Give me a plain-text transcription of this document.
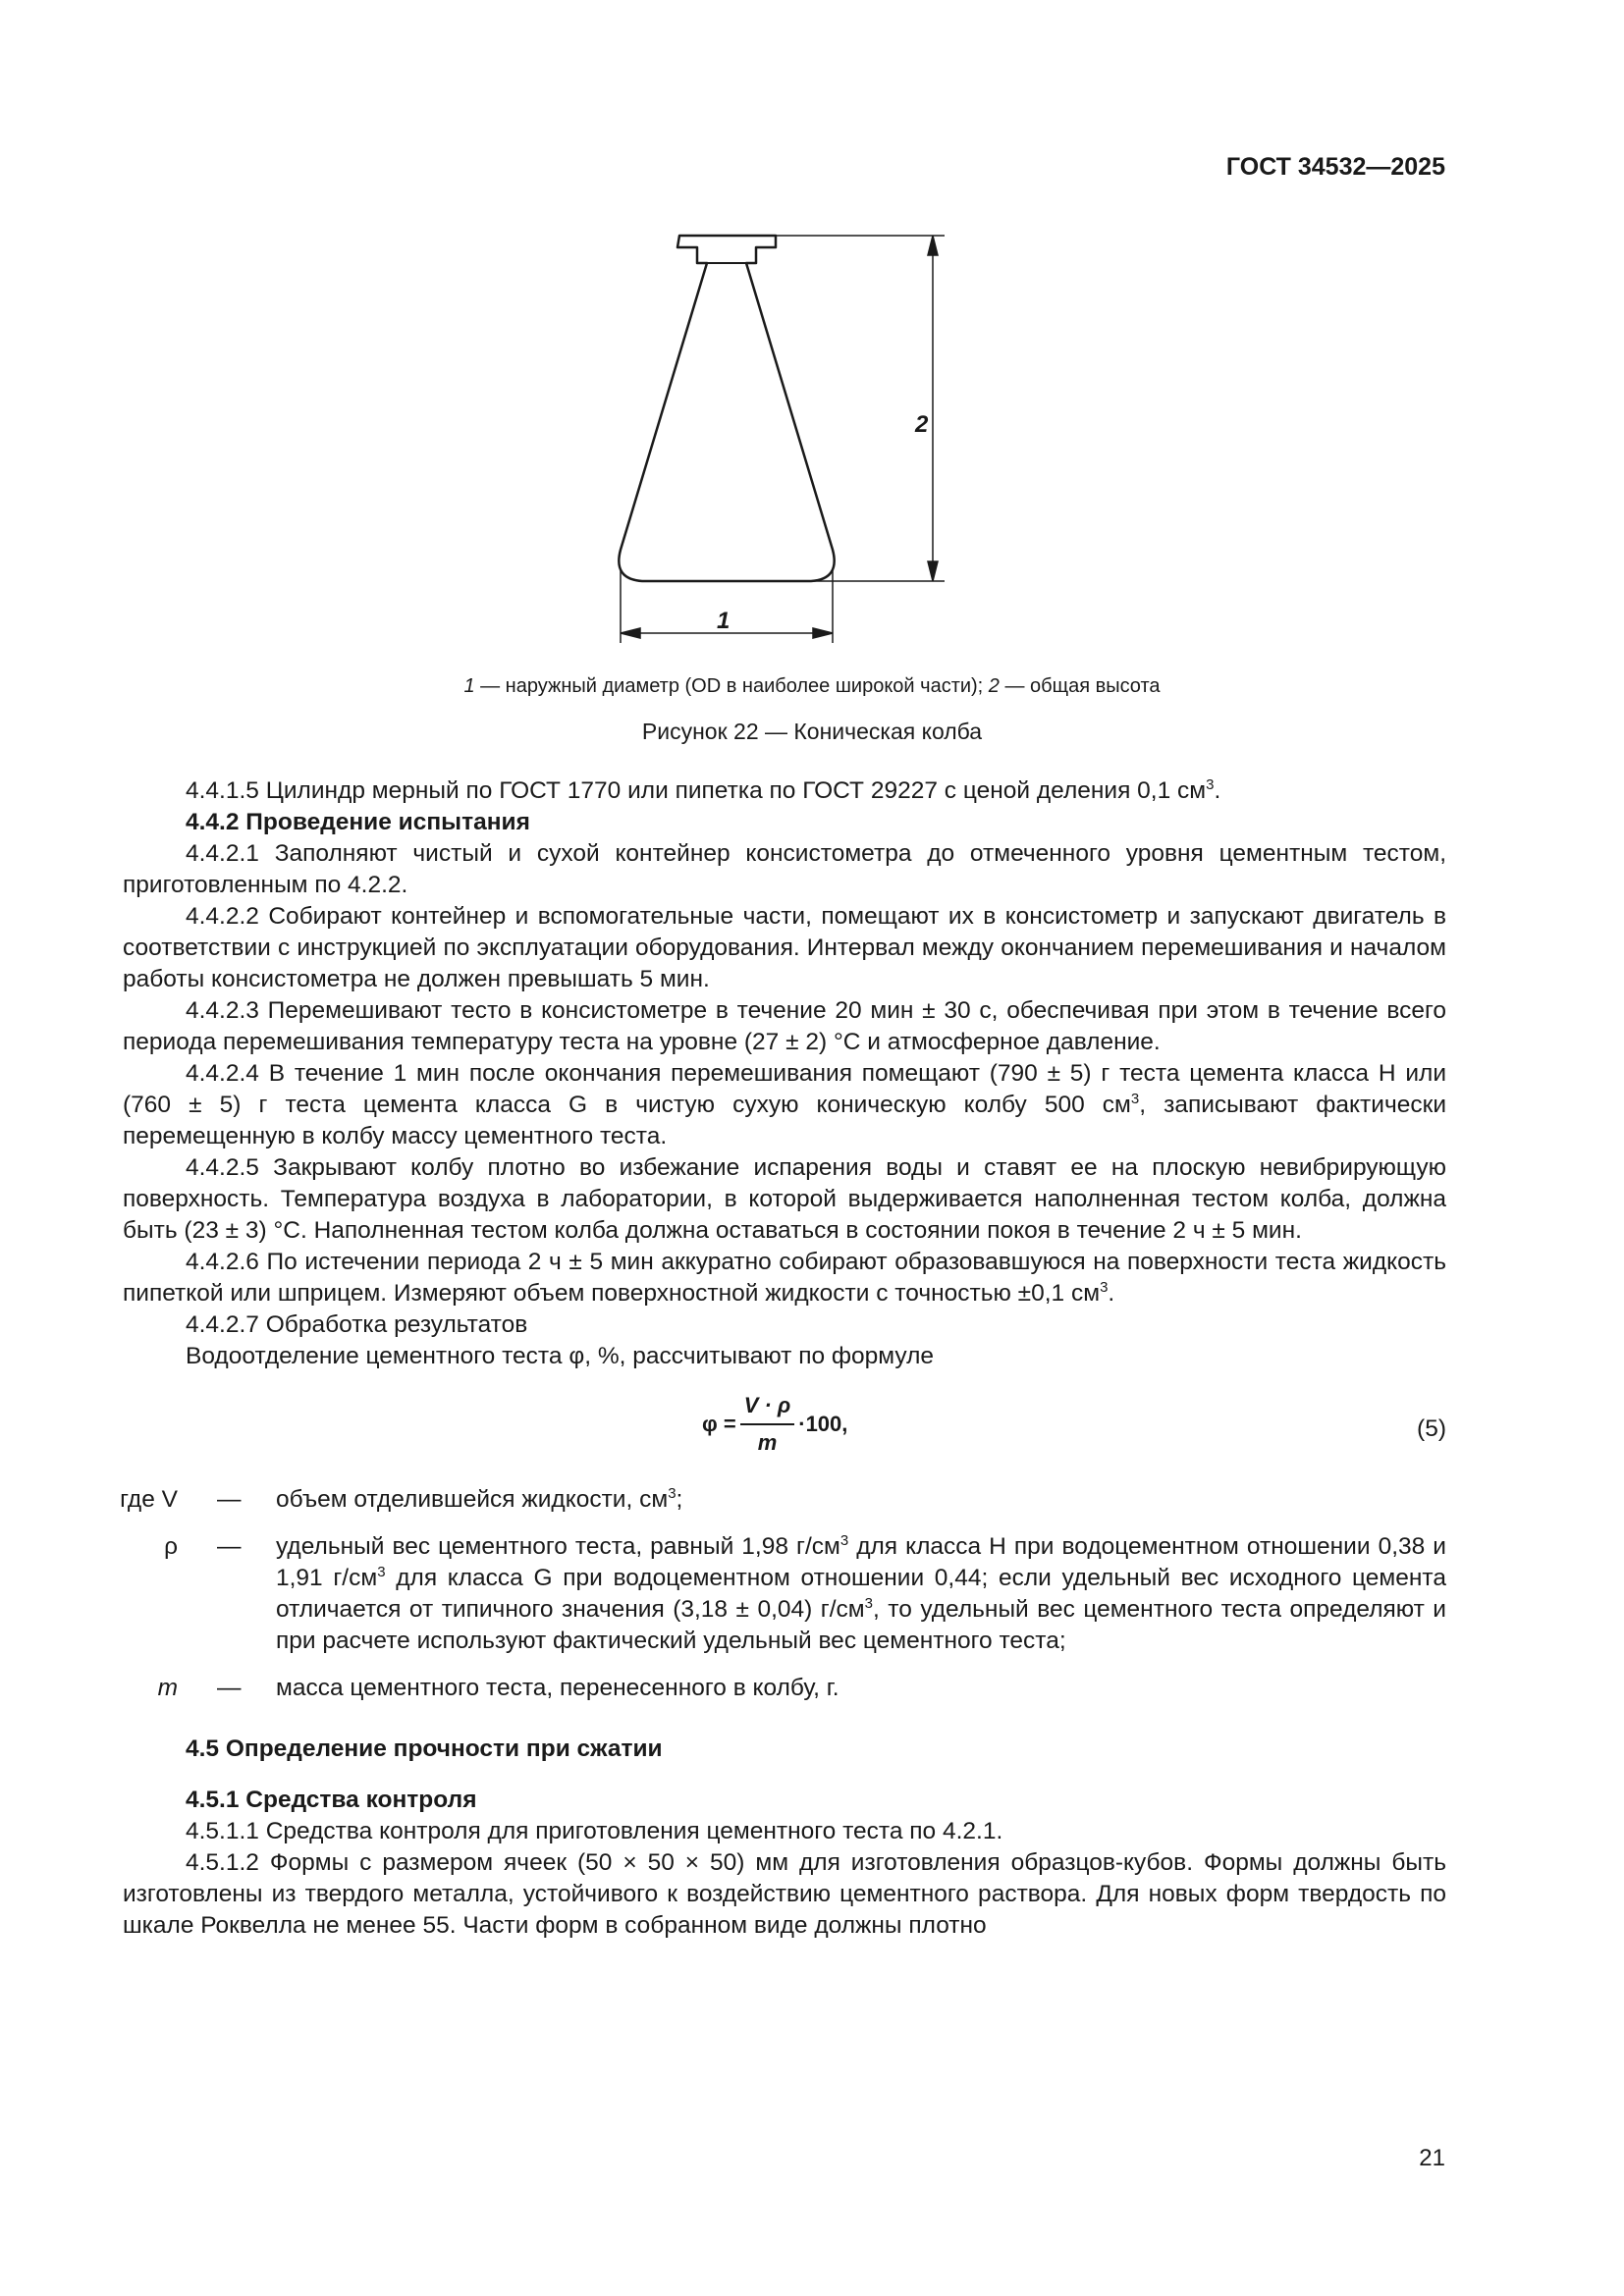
ГОСТ 34532—2025
2
1
1 — наружный диаметр (OD в наиболее широкой части); 2 — общая высота
Рисунок 22 — Коническая колба

4.4.1.5 Цилиндр мерный по ГОСТ 1770 или пипетка по ГОСТ 29227 с ценой деления 0,1 $см^3$.

4.4.2 Проведение испытания

4.4.2.1 Заполняют чистый и сухой контейнер консистометра до отмеченного уровня цементным тестом, приготовленным по 4.2.2.

4.4.2.2 Собирают контейнер и вспомогательные части, помещают их в консистометр и запускают двигатель в соответствии с инструкцией по эксплуатации оборудования. Интервал между окончанием перемешивания и началом работы консистометра не должен превышать 5 мин.

4.4.2.3 Перемешивают тесто в консистометре в течение 20 мин ± 30 с, обеспечивая при этом в течение всего периода перемешивания температуру теста на уровне (27 ± 2) °C и атмосферное давление.

4.4.2.4 В течение 1 мин после окончания перемешивания помещают (790 ± 5) г теста цемента класса H или (760 ± 5) г теста цемента класса G в чистую сухую коническую колбу 500 $см^3$, записывают фактически перемещенную в колбу массу цементного теста.

4.4.2.5 Закрывают колбу плотно во избежание испарения воды и ставят ее на плоскую невибрирующую поверхность. Температура воздуха в лаборатории, в которой выдерживается наполненная тестом колба, должна быть (23 ± 3) °C. Наполненная тестом колба должна оставаться в состоянии покоя в течение 2 ч ± 5 мин.

4.4.2.6 По истечении периода 2 ч ± 5 мин аккуратно собирают образовавшуюся на поверхности теста жидкость пипеткой или шприцем. Измеряют объем поверхностной жидкости с точностью ±0,1 $см^3$.

4.4.2.7 Обработка результатов

Водоотделение цементного теста φ, %, рассчитывают по формуле

$\varphi = \frac{V \cdot \rho}{m} \cdot 100$,	(5)
где V — объем отделившейся жидкости, $см^3$;
ρ — удельный вес цементного теста, равный 1,98 $г/см^3$ для класса H при водоцементном отношении 0,38 и 1,91 $г/см^3$ для класса G при водоцементном отношении 0,44; если удельный вес исходного цемента отличается от типичного значения (3,18 ± 0,04) $г/см^3$, то удельный вес цементного теста определяют и при расчете используют фактический удельный вес цементного теста;
m — масса цементного теста, перенесенного в колбу, г.

4.5 Определение прочности при сжатии

4.5.1 Средства контроля

4.5.1.1 Средства контроля для приготовления цементного теста по 4.2.1.

4.5.1.2 Формы с размером ячеек (50 × 50 × 50) мм для изготовления образцов-кубов. Формы должны быть изготовлены из твердого металла, устойчивого к воздействию цементного раствора. Для новых форм твердость по шкале Роквелла не менее 55. Части форм в собранном виде должны плотно

21
